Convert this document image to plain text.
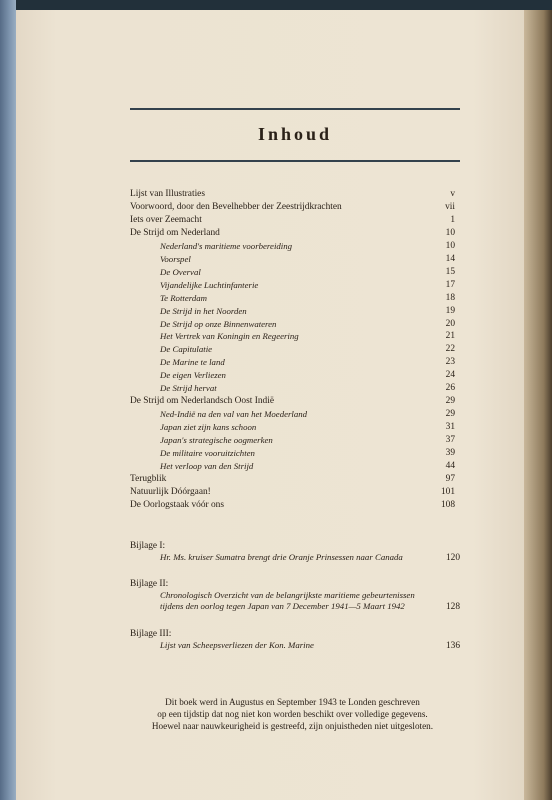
Inhoud
Lijst van Illustraties	v
Voorwoord, door den Bevelhebber der Zeestrijdkrachten	vii
Iets over Zeemacht	1
De Strijd om Nederland	10
Nederland's maritieme voorbereiding	10
Voorspel	14
De Overval	15
Vijandelijke Luchtinfanterie	17
Te Rotterdam	18
De Strijd in het Noorden	19
De Strijd op onze Binnenwateren	20
Het Vertrek van Koningin en Regeering	21
De Capitulatie	22
De Marine te land	23
De eigen Verliezen	24
De Strijd hervat	26
De Strijd om Nederlandsch Oost Indië	29
Ned-Indië na den val van het Moederland	29
Japan ziet zijn kans schoon	31
Japan's strategische oogmerken	37
De militaire vooruitzichten	39
Het verloop van den Strijd	44
Terugblik	97
Natuurlijk Dóórgaan!	101
De Oorlogstaak vóór ons	108
Bijlage I:
Hr. Ms. kruiser Sumatra brengt drie Oranje Prinsessen naar Canada	120
Bijlage II:
Chronologisch Overzicht van de belangrijkste maritieme gebeurtenissen
tijdens den oorlog tegen Japan van 7 December 1941—5 Maart 1942	128
Bijlage III:
Lijst van Scheepsverliezen der Kon. Marine	136
Dit boek werd in Augustus en September 1943 te Londen geschreven
op een tijdstip dat nog niet kon worden beschikt over volledige gegevens.
Hoewel naar nauwkeurigheid is gestreefd, zijn onjuistheden niet uitgesloten.
